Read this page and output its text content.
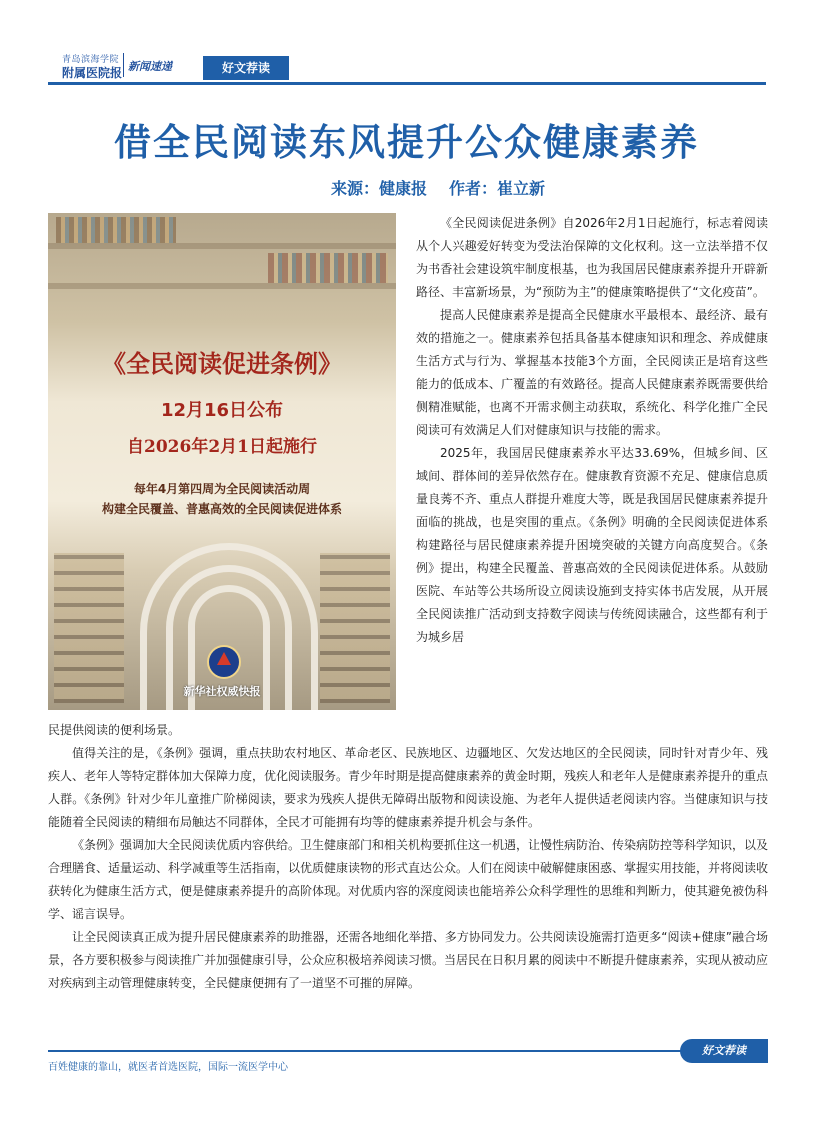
青岛滨海学院
附属医院报 新闻速递	好文荐读
借全民阅读东风提升公众健康素养
来源：健康报 作者：崔立新
《全民阅读促进条例》
12月16日公布
自2026年2月1日起施行
每年4月第四周为全民阅读活动周
构建全民覆盖、普惠高效的全民阅读促进体系
新华社权威快报

《全民阅读促进条例》自2026年2月1日起施行，标志着阅读从个人兴趣爱好转变为受法治保障的文化权利。这一立法举措不仅为书香社会建设筑牢制度根基，也为我国居民健康素养提升开辟新路径、丰富新场景，为“预防为主”的健康策略提供了“文化疫苗”。

提高人民健康素养是提高全民健康水平最根本、最经济、最有效的措施之一。健康素养包括具备基本健康知识和理念、养成健康生活方式与行为、掌握基本技能3个方面，全民阅读正是培育这些能力的低成本、广覆盖的有效路径。提高人民健康素养既需要供给侧精准赋能，也离不开需求侧主动获取，系统化、科学化推广全民阅读可有效满足人们对健康知识与技能的需求。

2025年，我国居民健康素养水平达33.69%，但城乡间、区域间、群体间的差异依然存在。健康教育资源不充足、健康信息质量良莠不齐、重点人群提升难度大等，既是我国居民健康素养提升面临的挑战，也是突围的重点。《条例》明确的全民阅读促进体系构建路径与居民健康素养提升困境突破的关键方向高度契合。《条例》提出，构建全民覆盖、普惠高效的全民阅读促进体系。从鼓励医院、车站等公共场所设立阅读设施到支持实体书店发展，从开展全民阅读推广活动到支持数字阅读与传统阅读融合，这些都有利于为城乡居

民提供阅读的便利场景。

值得关注的是，《条例》强调，重点扶助农村地区、革命老区、民族地区、边疆地区、欠发达地区的全民阅读，同时针对青少年、残疾人、老年人等特定群体加大保障力度，优化阅读服务。青少年时期是提高健康素养的黄金时期，残疾人和老年人是健康素养提升的重点人群。《条例》针对少年儿童推广阶梯阅读，要求为残疾人提供无障碍出版物和阅读设施、为老年人提供适老阅读内容。当健康知识与技能随着全民阅读的精细布局触达不同群体，全民才可能拥有均等的健康素养提升机会与条件。

《条例》强调加大全民阅读优质内容供给。卫生健康部门和相关机构要抓住这一机遇，让慢性病防治、传染病防控等科学知识，以及合理膳食、适量运动、科学减重等生活指南，以优质健康读物的形式直达公众。人们在阅读中破解健康困惑、掌握实用技能，并将阅读收获转化为健康生活方式，便是健康素养提升的高阶体现。对优质内容的深度阅读也能培养公众科学理性的思维和判断力，使其避免被伪科学、谣言误导。

让全民阅读真正成为提升居民健康素养的助推器，还需各地细化举措、多方协同发力。公共阅读设施需打造更多“阅读+健康”融合场景，各方要积极参与阅读推广并加强健康引导，公众应积极培养阅读习惯。当居民在日积月累的阅读中不断提升健康素养，实现从被动应对疾病到主动管理健康转变，全民健康便拥有了一道坚不可摧的屏障。

好文荐读
百姓健康的靠山，就医者首选医院，国际一流医学中心
